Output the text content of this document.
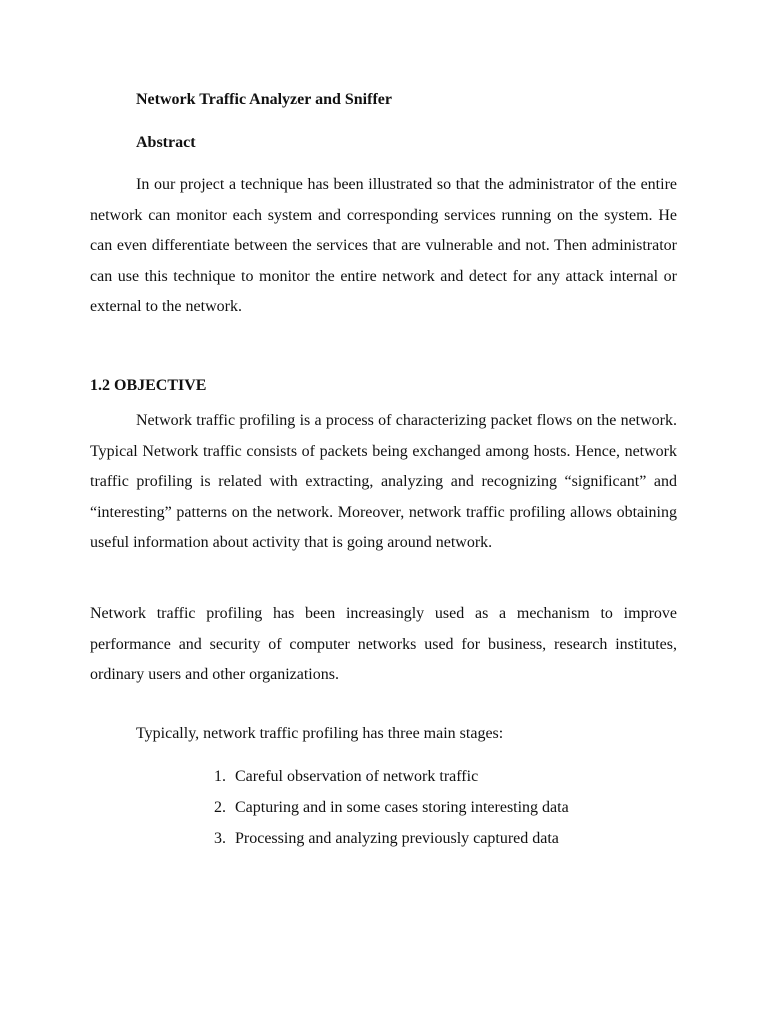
Network Traffic Analyzer and Sniffer

Abstract

In our project a technique has been illustrated so that the administrator of the entire network can monitor each system and corresponding services running on the system. He can even differentiate between the services that are vulnerable and not. Then administrator can use this technique to monitor the entire network and detect for any attack internal or external to the network.

1.2 OBJECTIVE

Network traffic profiling is a process of characterizing packet flows on the network. Typical Network traffic consists of packets being exchanged among hosts. Hence, network traffic profiling is related with extracting, analyzing and recognizing “significant” and “interesting” patterns on the network. Moreover, network traffic profiling allows obtaining useful information about activity that is going around network.

Network traffic profiling has been increasingly used as a mechanism to improve performance and security of computer networks used for business, research institutes, ordinary users and other organizations.

Typically, network traffic profiling has three main stages:

1. Careful observation of network traffic
2. Capturing and in some cases storing interesting data
3. Processing and analyzing previously captured data
